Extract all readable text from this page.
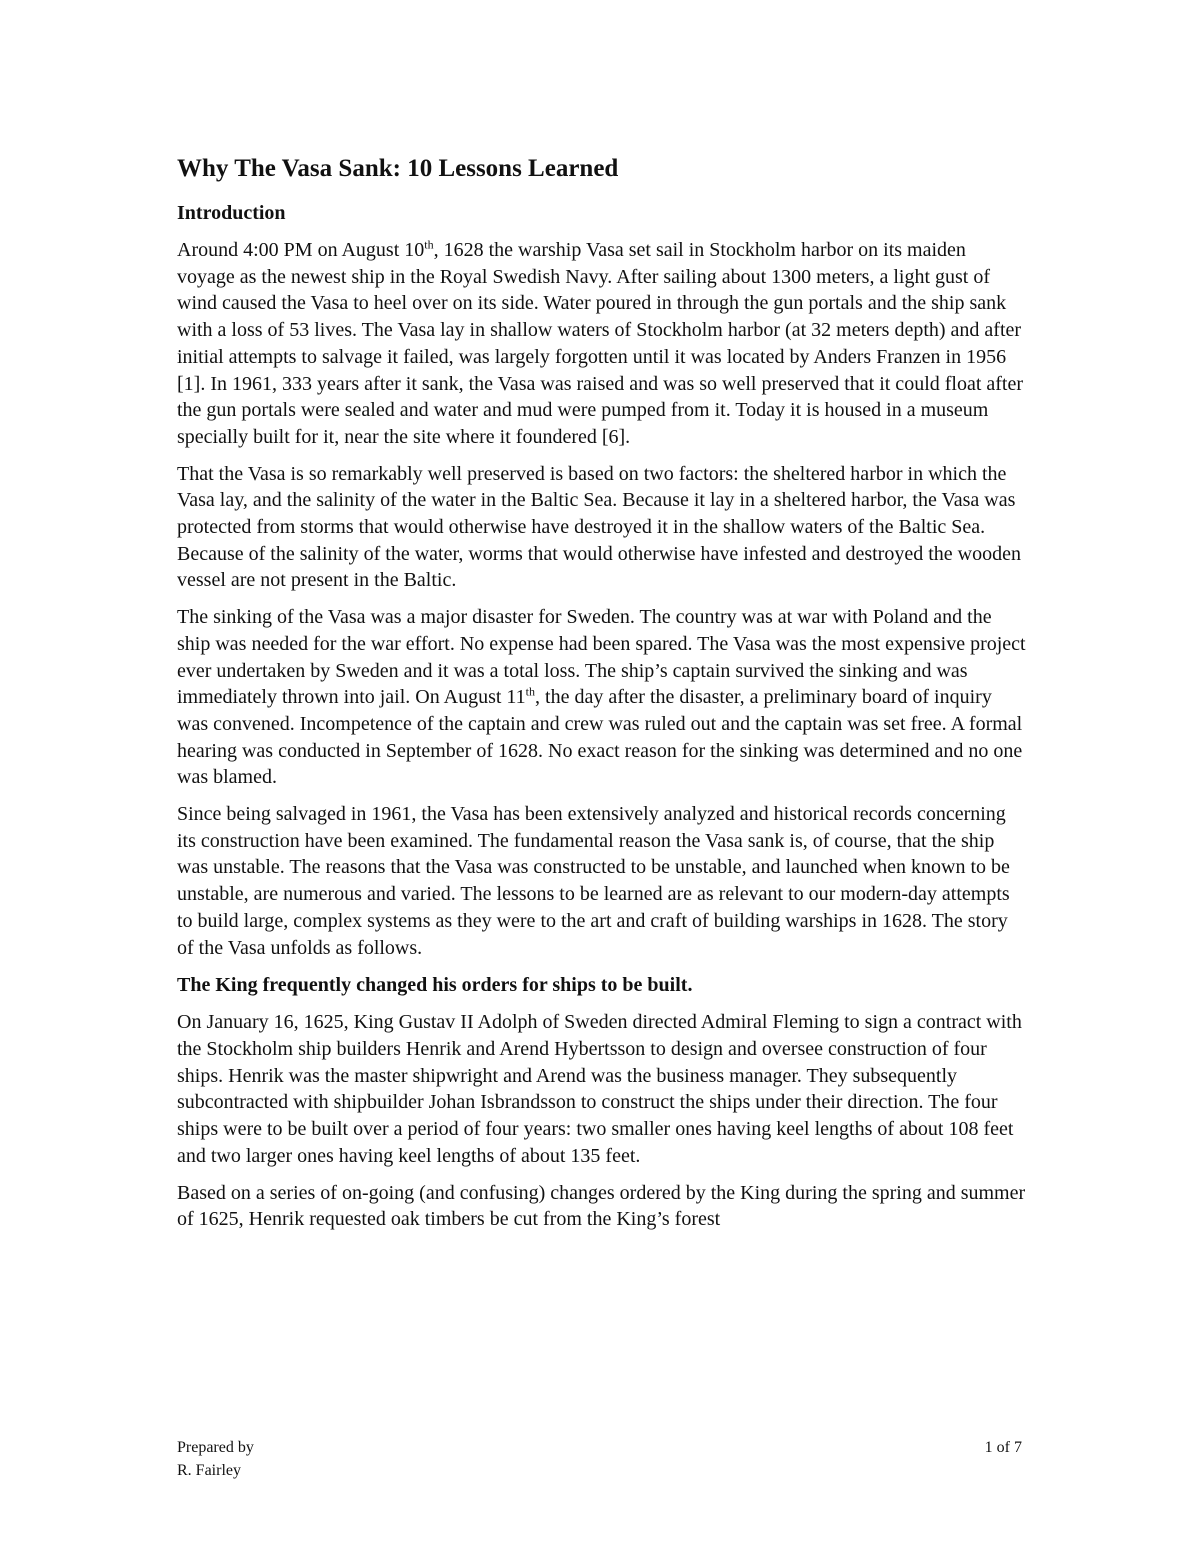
Why The Vasa Sank: 10 Lessons Learned
Introduction

Around 4:00 PM on August 10th, 1628 the warship Vasa set sail in Stockholm harbor on its maiden voyage as the newest ship in the Royal Swedish Navy. After sailing about 1300 meters, a light gust of wind caused the Vasa to heel over on its side. Water poured in through the gun portals and the ship sank with a loss of 53 lives. The Vasa lay in shallow waters of Stockholm harbor (at 32 meters depth) and after initial attempts to salvage it failed, was largely forgotten until it was located by Anders Franzen in 1956 [1]. In 1961, 333 years after it sank, the Vasa was raised and was so well preserved that it could float after the gun portals were sealed and water and mud were pumped from it. Today it is housed in a museum specially built for it, near the site where it foundered [6].

That the Vasa is so remarkably well preserved is based on two factors: the sheltered harbor in which the Vasa lay, and the salinity of the water in the Baltic Sea. Because it lay in a sheltered harbor, the Vasa was protected from storms that would otherwise have destroyed it in the shallow waters of the Baltic Sea. Because of the salinity of the water, worms that would otherwise have infested and destroyed the wooden vessel are not present in the Baltic.

The sinking of the Vasa was a major disaster for Sweden. The country was at war with Poland and the ship was needed for the war effort. No expense had been spared. The Vasa was the most expensive project ever undertaken by Sweden and it was a total loss. The ship’s captain survived the sinking and was immediately thrown into jail. On August 11th, the day after the disaster, a preliminary board of inquiry was convened. Incompetence of the captain and crew was ruled out and the captain was set free. A formal hearing was conducted in September of 1628. No exact reason for the sinking was determined and no one was blamed.

Since being salvaged in 1961, the Vasa has been extensively analyzed and historical records concerning its construction have been examined. The fundamental reason the Vasa sank is, of course, that the ship was unstable. The reasons that the Vasa was constructed to be unstable, and launched when known to be unstable, are numerous and varied. The lessons to be learned are as relevant to our modern-day attempts to build large, complex systems as they were to the art and craft of building warships in 1628. The story of the Vasa unfolds as follows.

The King frequently changed his orders for ships to be built.

On January 16, 1625, King Gustav II Adolph of Sweden directed Admiral Fleming to sign a contract with the Stockholm ship builders Henrik and Arend Hybertsson to design and oversee construction of four ships. Henrik was the master shipwright and Arend was the business manager. They subsequently subcontracted with shipbuilder Johan Isbrandsson to construct the ships under their direction. The four ships were to be built over a period of four years: two smaller ones having keel lengths of about 108 feet and two larger ones having keel lengths of about 135 feet.

Based on a series of on-going (and confusing) changes ordered by the King during the spring and summer of 1625, Henrik requested oak timbers be cut from the King’s forest

Prepared by
R. Fairley
1 of 7
